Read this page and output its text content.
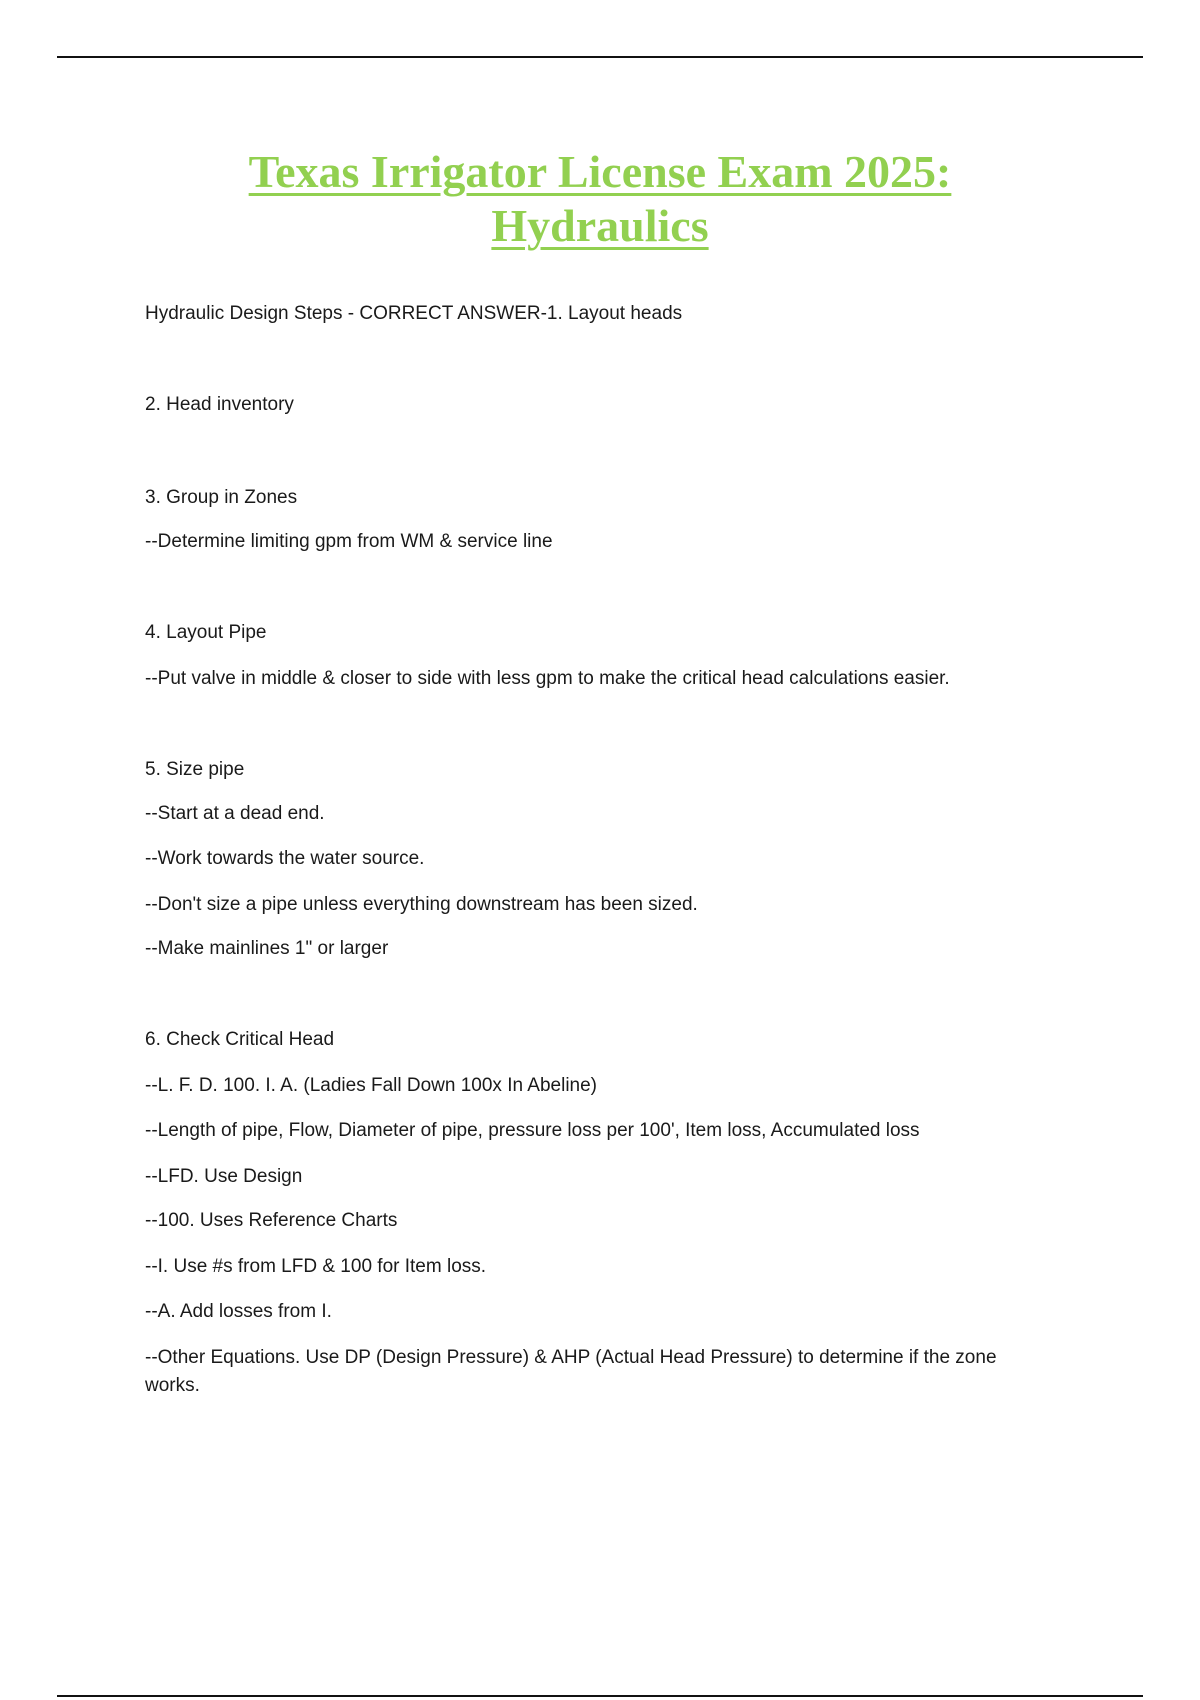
Texas Irrigator License Exam 2025:
Hydraulics
Hydraulic Design Steps - CORRECT ANSWER-1. Layout heads
2. Head inventory
3. Group in Zones
--Determine limiting gpm from WM & service line
4. Layout Pipe
--Put valve in middle & closer to side with less gpm to make the critical head calculations easier.
5. Size pipe
--Start at a dead end.
--Work towards the water source.
--Don't size a pipe unless everything downstream has been sized.
--Make mainlines 1" or larger
6. Check Critical Head
--L. F. D. 100. I. A. (Ladies Fall Down 100x In Abeline)
--Length of pipe, Flow, Diameter of pipe, pressure loss per 100', Item loss, Accumulated loss
--LFD. Use Design
--100. Uses Reference Charts
--I. Use #s from LFD & 100 for Item loss.
--A. Add losses from I.
--Other Equations. Use DP (Design Pressure) & AHP (Actual Head Pressure) to determine if the zone works.
